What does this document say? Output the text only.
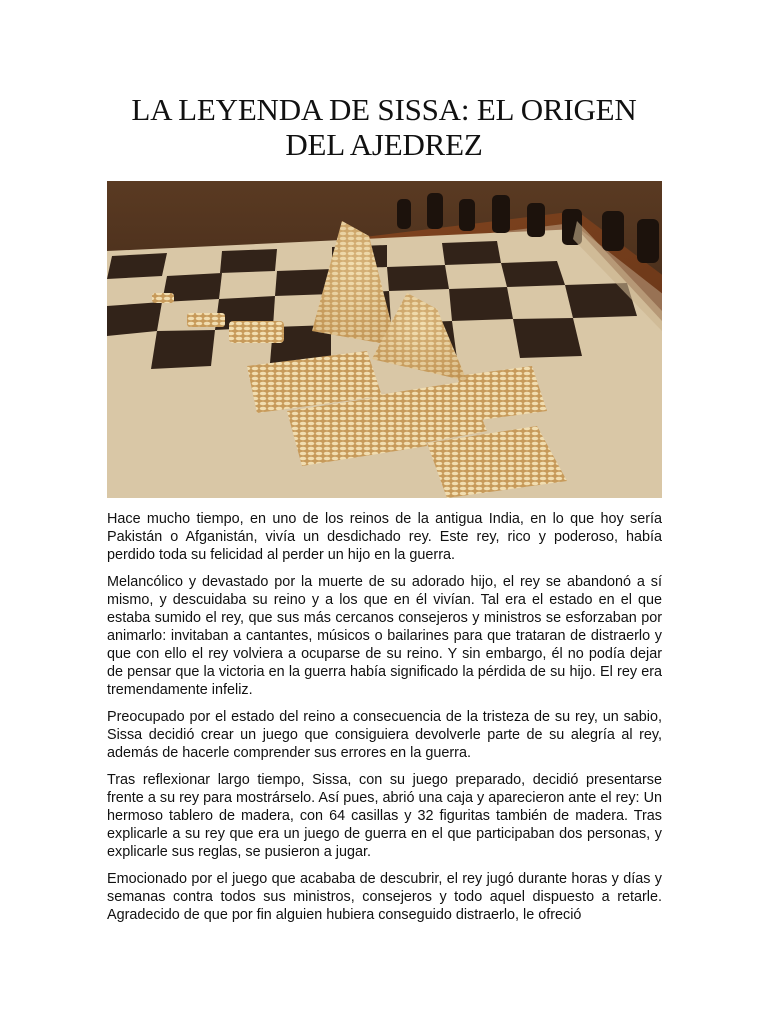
LA LEYENDA DE SISSA: EL ORIGEN DEL AJEDREZ

Hace mucho tiempo, en uno de los reinos de la antigua India, en lo que hoy sería Pakistán o Afganistán, vivía un desdichado rey. Este rey, rico y poderoso, había perdido toda su felicidad al perder un hijo en la guerra.

Melancólico y devastado por la muerte de su adorado hijo, el rey se abandonó a sí mismo, y descuidaba su reino y a los que en él vivían. Tal era el estado en el que estaba sumido el rey, que sus más cercanos consejeros y ministros se esforzaban por animarlo: invitaban a cantantes, músicos o bailarines para que trataran de distraerlo y que con ello el rey volviera a ocuparse de su reino. Y sin embargo, él no podía dejar de pensar que la victoria en la guerra había significado la pérdida de su hijo. El rey era tremendamente infeliz.

Preocupado por el estado del reino a consecuencia de la tristeza de su rey, un sabio, Sissa decidió crear un juego que consiguiera devolverle parte de su alegría al rey, además de hacerle comprender sus errores en la guerra.

Tras reflexionar largo tiempo, Sissa, con su juego preparado, decidió presentarse frente a su rey para mostrárselo. Así pues, abrió una caja y aparecieron ante el rey: Un hermoso tablero de madera, con 64 casillas y 32 figuritas también de madera. Tras explicarle a su rey que era un juego de guerra en el que participaban dos personas, y explicarle sus reglas, se pusieron a jugar.

Emocionado por el juego que acababa de descubrir, el rey jugó durante horas y días y semanas contra todos sus ministros, consejeros y todo aquel dispuesto a retarle. Agradecido de que por fin alguien hubiera conseguido distraerlo, le ofreció
